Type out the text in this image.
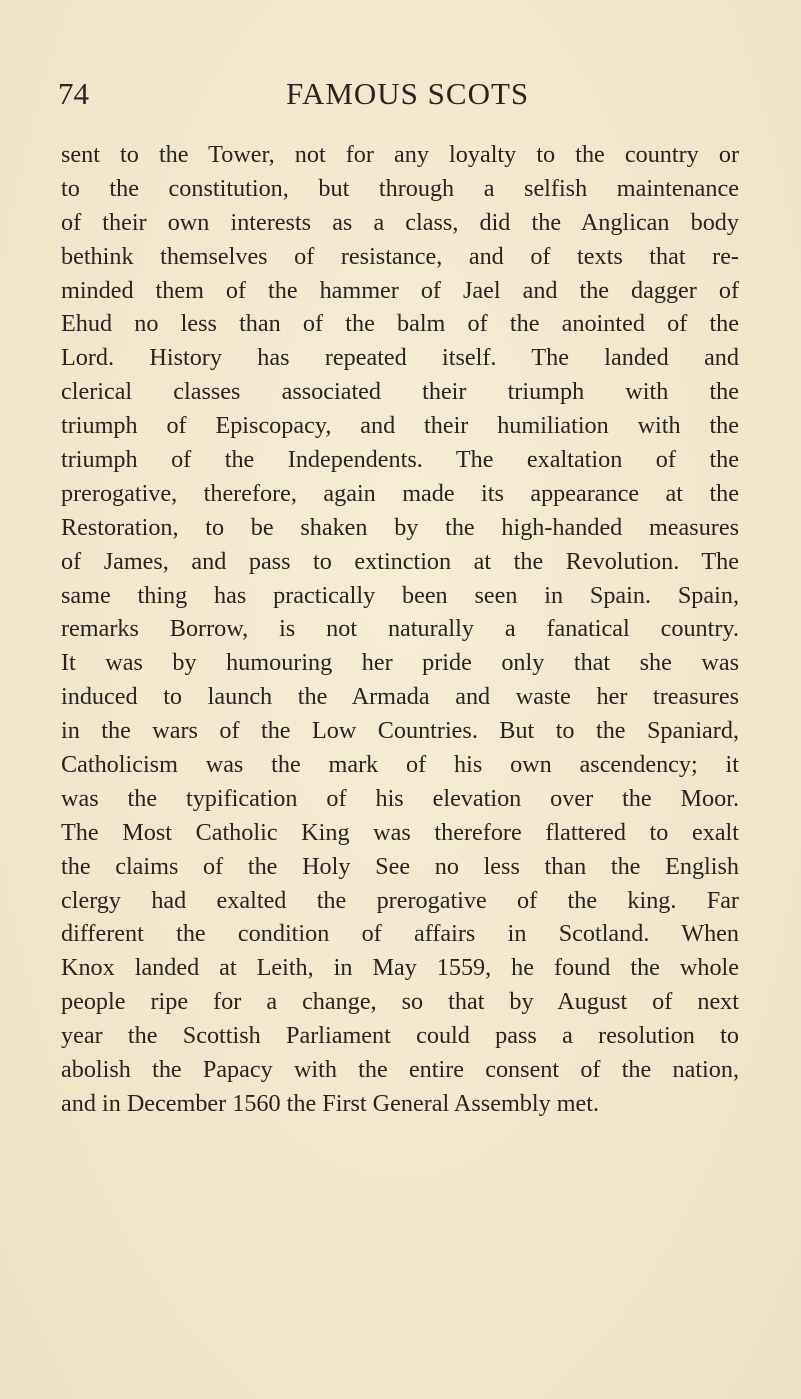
74	FAMOUS SCOTS
sent to the Tower, not for any loyalty to the country or
to the constitution, but through a selfish maintenance
of their own interests as a class, did the Anglican body
bethink themselves of resistance, and of texts that re-
minded them of the hammer of Jael and the dagger of
Ehud no less than of the balm of the anointed of the
Lord. History has repeated itself. The landed and
clerical classes associated their triumph with the
triumph of Episcopacy, and their humiliation with the
triumph of the Independents. The exaltation of the
prerogative, therefore, again made its appearance at the
Restoration, to be shaken by the high-handed measures
of James, and pass to extinction at the Revolution. The
same thing has practically been seen in Spain. Spain,
remarks Borrow, is not naturally a fanatical country.
It was by humouring her pride only that she was
induced to launch the Armada and waste her treasures
in the wars of the Low Countries. But to the Spaniard,
Catholicism was the mark of his own ascendency; it
was the typification of his elevation over the Moor.
The Most Catholic King was therefore flattered to exalt
the claims of the Holy See no less than the English
clergy had exalted the prerogative of the king. Far
different the condition of affairs in Scotland. When
Knox landed at Leith, in May 1559, he found the whole
people ripe for a change, so that by August of next
year the Scottish Parliament could pass a resolution to
abolish the Papacy with the entire consent of the nation,
and in December 1560 the First General Assembly met.
